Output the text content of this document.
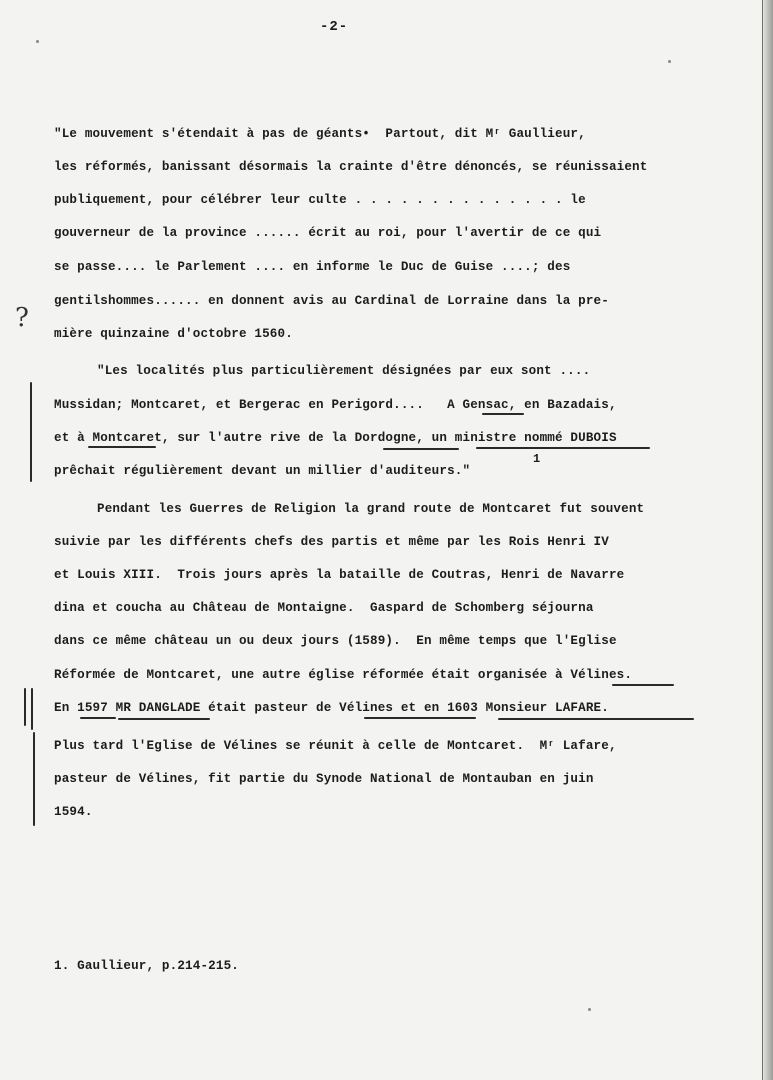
-2-
"Le mouvement s'étendait à pas de géants•  Partout, dit Mʳ Gaullieur,
les réformés, banissant désormais la crainte d'être dénoncés, se réunissaient
publiquement, pour célébrer leur culte . . . . . . . . . . . . . . le
gouverneur de la province ...... écrit au roi, pour l'avertir de ce qui
se passe.... le Parlement .... en informe le Duc de Guise ....; des
gentilshommes...... en donnent avis au Cardinal de Lorraine dans la pre-
mière quinzaine d'octobre 1560.
"Les localités plus particulièrement désignées par eux sont ....
Mussidan; Montcaret, et Bergerac en Perigord....   A Gensac, en Bazadais,
et à Montcaret, sur l'autre rive de la Dordogne, un ministre nommé DUBOIS
prêchait régulièrement devant un millier d'auditeurs."
1
Pendant les Guerres de Religion la grand route de Montcaret fut souvent
suivie par les différents chefs des partis et même par les Rois Henri IV
et Louis XIII.  Trois jours après la bataille de Coutras, Henri de Navarre
dina et coucha au Château de Montaigne.  Gaspard de Schomberg séjourna
dans ce même château un ou deux jours (1589).  En même temps que l'Eglise
Réformée de Montcaret, une autre église réformée était organisée à Vélines.
En 1597 MR DANGLADE était pasteur de Vélines et en 1603 Monsieur LAFARE.
Plus tard l'Eglise de Vélines se réunit à celle de Montcaret.  Mʳ Lafare,
pasteur de Vélines, fit partie du Synode National de Montauban en juin
1594.
1. Gaullieur, p.214-215.
?
